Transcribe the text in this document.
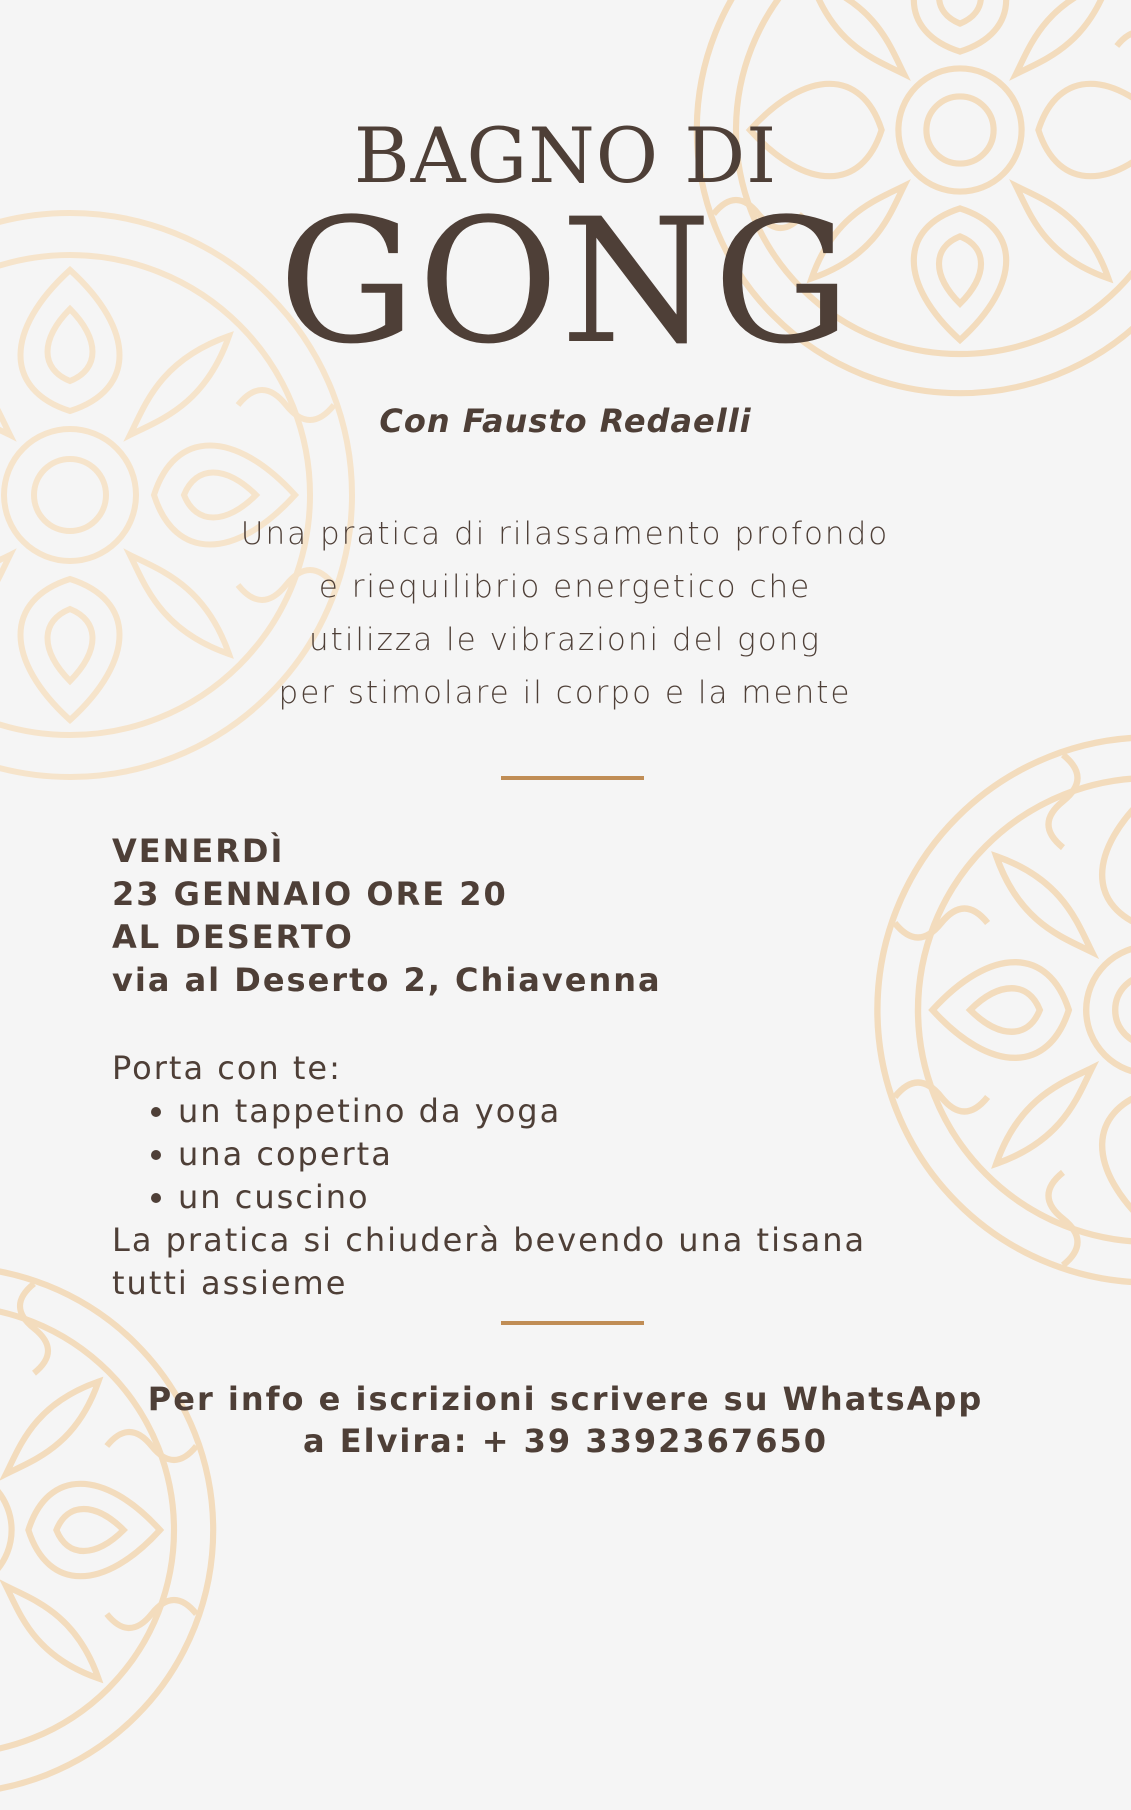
BAGNO DI
GONG
Con Fausto Redaelli
Una pratica di rilassamento profondo
e riequilibrio energetico che
utilizza le vibrazioni del gong
per stimolare il corpo e la mente
VENERDÌ
23 GENNAIO ORE 20
AL DESERTO
via al Deserto 2, Chiavenna
Porta con te:
• un tappetino da yoga
• una coperta
• un cuscino
La pratica si chiuderà bevendo una tisana
tutti assieme
Per info e iscrizioni scrivere su WhatsApp
a Elvira: + 39 3392367650
